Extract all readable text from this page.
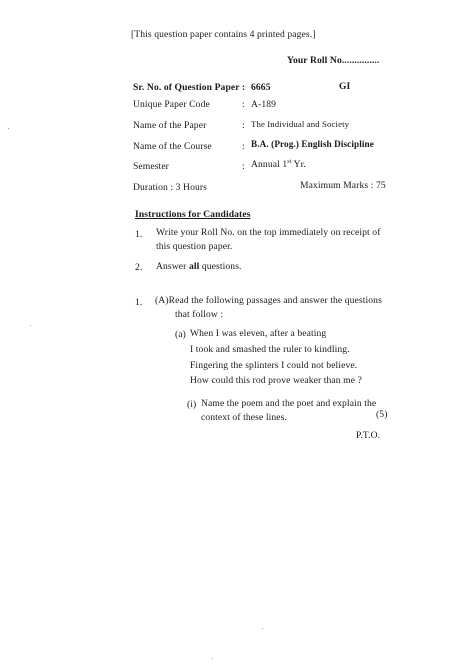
[This question paper contains 4 printed pages.]
Your Roll No...............
Sr. No. of Question Paper : 6665	GI
Unique Paper Code	: A-189
Name of the Paper	: The Individual and Society
Name of the Course	: B.A. (Prog.) English Discipline
Semester	: Annual 1st Yr.
Duration : 3 Hours	Maximum Marks : 75
Instructions for Candidates
1. Write your Roll No. on the top immediately on receipt of
this question paper.
2. Answer all questions.
1. (A)Read the following passages and answer the questions
that follow :
(a) When I was eleven, after a beating
I took and smashed the ruler to kindling.
Fingering the splinters I could not believe.
How could this rod prove weaker than me ?
(i) Name the poem and the poet and explain the
context of these lines.	(5)
P.T.O.
